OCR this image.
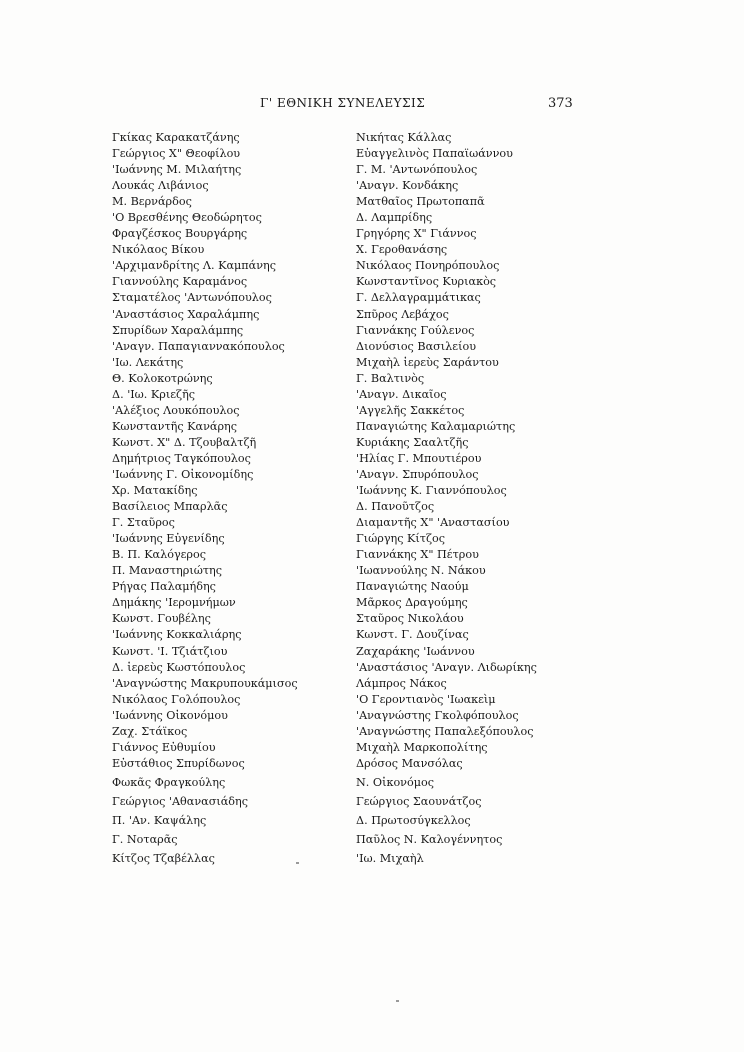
Γ' ΕΘΝΙΚΗ ΣΥΝΕΛΕΥΣΙΣ	373
Γκίκας Καρακατζάνης
Γεώργιος Χ" Θεοφίλου
'Ιωάννης Μ. Μιλαήτης
Λουκάς Λιβάνιος
Μ. Βερνάρδος
'Ο Βρεσθένης Θεοδώρητος
Φραγζέσκος Βουργάρης
Νικόλαος Βίκου
'Αρχιμανδρίτης Λ. Καμπάνης
Γιαννούλης Καραμάνος
Σταματέλος 'Αντωνόπουλος
'Αναστάσιος Χαραλάμπης
Σπυρίδων Χαραλάμπης
'Αναγν. Παπαγιαννακόπουλος
'Ιω. Λεκάτης
Θ. Κολοκοτρώνης
Δ. 'Ιω. Κριεζῆς
'Αλέξιος Λουκόπουλος
Κωνσταντῆς Κανάρης
Κωνστ. Χ" Δ. Τζουβαλτζῆ
Δημήτριος Ταγκόπουλος
'Ιωάννης Γ. Οἰκονομίδης
Χρ. Ματακίδης
Βασίλειος Μπαρλᾶς
Γ. Σταῦρος
'Ιωάννης Εὐγενίδης
Β. Π. Καλόγερος
Π. Μαναστηριώτης
Ρήγας Παλαμήδης
Δημάκης 'Ιερομνήμων
Κωνστ. Γουβέλης
'Ιωάννης Κοκκαλιάρης
Κωνστ. 'Ι. Τζιάτζιου
Δ. ἱερεὺς Κωστόπουλος
'Αναγνώστης Μακρυπουκάμισος
Νικόλαος Γολόπουλος
'Ιωάννης Οἰκονόμου
Ζαχ. Στάϊκος
Γιάννος Εὐθυμίου
Εὐστάθιος Σπυρίδωνος
Φωκᾶς Φραγκούλης
Γεώργιος 'Αθανασιάδης
Π. 'Αν. Καψάλης
Γ. Νοταρᾶς
Κίτζος Τζαβέλλας
Νικήτας Κάλλας
Εὐαγγελινὸς Παπαϊωάννου
Γ. Μ. 'Αντωνόπουλος
'Αναγν. Κονδάκης
Ματθαῖος Πρωτοπαπᾶ
Δ. Λαμπρίδης
Γρηγόρης Χ" Γιάννος
Χ. Γεροθανάσης
Νικόλαος Πονηρόπουλος
Κωνσταντῖνος Κυριακὸς
Γ. Δελλαγραμμάτικας
Σπῦρος Λεβάχος
Γιαννάκης Γούλενος
Διονύσιος Βασιλείου
Μιχαὴλ ἱερεὺς Σαράντου
Γ. Βαλτινὸς
'Αναγν. Δικαῖος
'Αγγελῆς Σακκέτος
Παναγιώτης Καλαμαριώτης
Κυριάκης Σααλτζῆς
'Ηλίας Γ. Μπουτιέρου
'Αναγν. Σπυρόπουλος
'Ιωάννης Κ. Γιαννόπουλος
Δ. Πανοῦτζος
Διαμαντῆς Χ" 'Αναστασίου
Γιώργης Κίτζος
Γιαννάκης Χ" Πέτρου
'Ιωαννούλης Ν. Νάκου
Παναγιώτης Ναούμ
Μᾶρκος Δραγούμης
Σταῦρος Νικολάου
Κωνστ. Γ. Δουζίνας
Ζαχαράκης 'Ιωάννου
'Αναστάσιος 'Αναγν. Λιδωρίκης
Λάμπρος Νάκος
'Ο Γεροντιανὸς 'Ιωακεὶμ
'Αναγνώστης Γκολφόπουλος
'Αναγνώστης Παπαλεξόπουλος
Μιχαὴλ Μαρκοπολίτης
Δρόσος Μανσόλας
Ν. Οἰκονόμος
Γεώργιος Σαουνάτζος
Δ. Πρωτοσύγκελλος
Παῦλος Ν. Καλογέννητος
'Ιω. Μιχαὴλ
